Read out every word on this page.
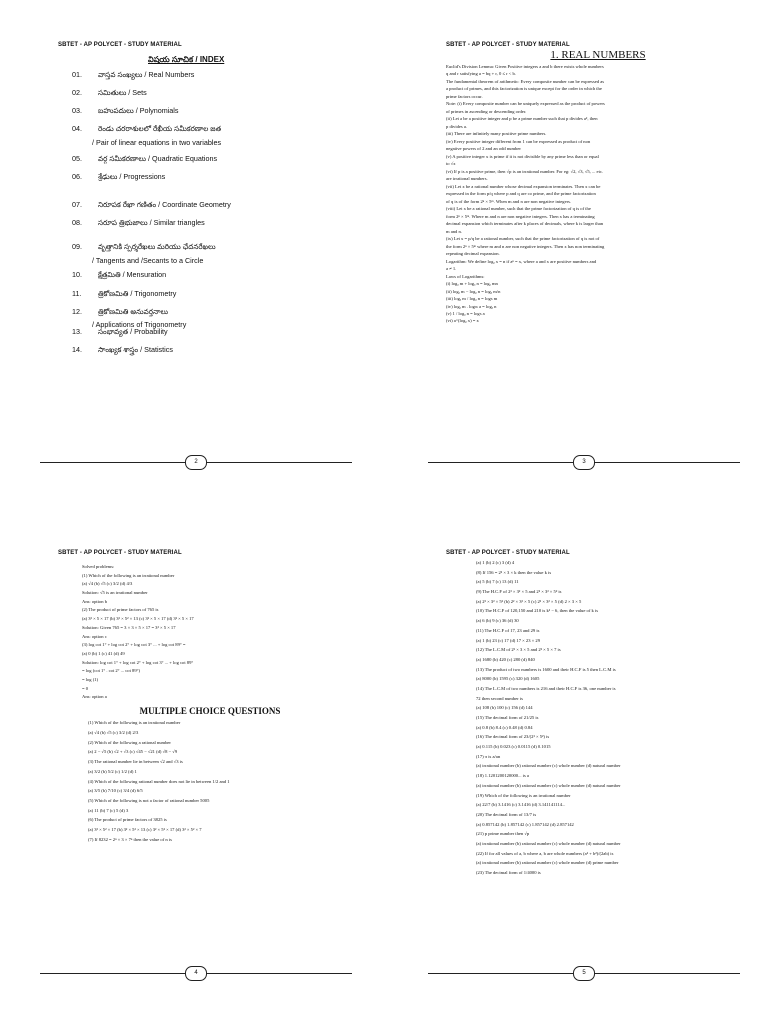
SBTET - AP POLYCET - STUDY MATERIAL
విషయ సూచిక / INDEX
01. వాస్తవ సంఖ్యలు / Real Numbers
02. సమితులు / Sets
03. బహుపదులు / Polynomials
04. రెండు చరరాశులలో రేఖీయ సమీకరణాల జత
05. వర్గ సమీకరణాలు / Quadratic Equations
06. శ్రేఢులు / Progressions
07. నిరూపక రేఖా గణితం / Coordinate Geometry
08. సరూప త్రిభుజాలు / Similar triangles
09. వృత్తానికి స్పర్శరేఖలు మరియు ఛేదనరేఖలు
10. క్షేత్రమితి / Mensuration
11. త్రికోణమితి / Trigonometry
12. త్రికోణమితి అనువర్తనాలు
13. సంభావ్యత / Probability
14. సాంఖ్యక శాస్త్రం / Statistics
/ Pair of linear equations in two variables
/ Tangents and /Secants to a Circle
/ Applications of Trigonometry
2
SBTET - AP POLYCET - STUDY MATERIAL
1. REAL NUMBERS

Euclid's Division Lemma: Given Positive integers a and b there exists whole numbers

q and r satisfying a = bq + r, 0 ≤ r < b.

The fundamental theorem of arithmetic: Every composite number can be expressed as

a product of primes, and this factorization is unique except for the order in which the

prime factors occur.

Note: (i) Every composite number can be uniquely expressed as the product of powers

of primes in ascending or descending order.

(ii) Let a be a positive integer and p be a prime number such that p divides a², then

p divides a.

(iii) There are infinitely many positive prime numbers.

(iv) Every positive integer different from 1 can be expressed as product of non

negative powers of 2 and an odd number

(v) A positive integer x is prime if it is not divisible by any prime less than or equal

to √x

(vi) If p is a positive prime, then √p is an irrational number. For eg: √2, √3, √5, ... etc.

are irrational numbers.

(vii) Let x be a rational number whose decimal expansion terminates. Then x can be

expressed in the form p/q where p and q are co prime, and the prime factorization

of q is of the form 2ⁿ × 5ᵐ. When m and n are non negative integers.

(viii) Let x be a rational number, such that the prime factorization of q is of the

form 2ⁿ × 5ᵐ. Where m and n are non negative integers. Then x has a terminating

decimal expansion which terminates after k places of decimals, where k is larger than

m and n.

(ix) Let x = p/q be a rational number, such that the prime factorization of q is not of

the form 2ⁿ × 5ᵐ where m and n are non negative integers. Then x has non terminating

repeating decimal expansion.

Logarithm: We define logₐ x = n if aⁿ = x, where a and x are positive numbers and

a ≠ 1.

Laws of Logarithms:

(i) logₐ m + logₐ n = logₐ mn

(ii) logₐ m − logₐ n = logₐ m/n

(iii) logₐ m / logₐ n = logₙ m

(iv) logₐ m . logₘ a = logₐ n

(v) 1 / logₐ n = logₙ a

(vi) a^(logₐ x) = x

3
SBTET - AP POLYCET - STUDY MATERIAL

Solved problems:

(1) Which of the following is an irrational number

(a) √4 (b) √5 (c) 3/2 (d) 4/3

Solution: √5 is an irrational number

Ans: option b

(2) The product of prime factors of 765 is

(a) 3² × 5 × 17 (b) 3² × 5² × 13 (c) 3² × 5 × 17 (d) 3² × 5 × 17

Solution: Given 765 = 3 × 3 × 5 × 17 = 3² × 5 × 17

Ans: option c

(3) log cot 1° + log cot 2° + log cot 3° ... + log cot 89° =

(a) 0 (b) 1 (c) 41 (d) 49

Solution: log cot 1° + log cot 2° + log cot 3° ... + log cot 89°

= log (cot 1° . cot 2° ... cot 89°)

= log (1)

= 0

Ans: option a

MULTIPLE CHOICE QUESTIONS

(1) Which of the following is an irrational number

(a) √4 (b) √5 (c) 3/2 (d) 2/3

(2) Which of the following a rational number

(a) 2 − √5 (b) √2 + √3 (c) √45 − √21 (d) √8 − √9

(3) The rational number lie in between √2 and √3 is

(a) 3/2 (b) 5/2 (c) 1/2 (d) 1

(4) Which of the following rational number does not lie in between 1/2 and 1

(a) 3/5 (b) 7/10 (c) 3/4 (d) 6/5

(5) Which of the following is not a factor of rational number 5005

(a) 11 (b) 7 (c) 5 (d) 3

(6) The product of prime factors of 3825 is

(a) 3² × 5² × 17 (b) 3² × 5² × 13 (c) 3² × 5² × 17 (d) 3² × 5² × 7

(7) If 8232 = 2ⁿ × 3 × 7ⁿ then the value of n is

4
SBTET - AP POLYCET - STUDY MATERIAL

(a) 1 (b) 2 (c) 3 (d) 4

(8) If 156 = 2² × 3 × k then the value k is

(a) 5 (b) 7 (c) 13 (d) 11

(9) The H.C.F of 2³ × 3² × 5 and 2² × 3³ × 5² is

(a) 2³ × 3³ × 5² (b) 2² × 3² × 5 (c) 2³ × 3² × 5 (d) 2 × 3 × 5

(10) The H.C.F of 120,150 and 210 is k² − 6, then the value of k is

(a) 6 (b) 9 (c) 36 (d) 30

(11) The H.C.F of 17, 23 and 29 is

(a) 1 (b) 23 (c) 17 (d) 17 × 23 × 29

(12) The L.C.M of 2³ × 3 × 5 and 2² × 5 × 7 is

(a) 1680 (b) 420 (c) 280 (d) 840

(13) The product of two numbers is 1600 and their H.C.F is 5 then L.C.M is

(a) 8000 (b) 1595 (c) 320 (d) 1605

(14) The L.C.M of two numbers is 216 and their H.C.F is 36, one number is

72 then second number is

(a) 108 (b) 100 (c) 156 (d) 144

(15) The decimal form of 21/25 is

(a) 0.8 (b) 8.4 (c) 0.48 (d) 0.84

(16) The decimal form of 23/(2³ × 5²) is

(a) 0.115 (b) 0.023 (c) 0.0115 (d) 0.1015

(17) π is a/an

(a) irrational number (b) rational number (c) whole number (d) natural number

(18) 1.1201200120000... is a

(a) irrational number (b) rational number (c) whole number (d) natural number

(19) Which of the following is an irrational number

(a) 22/7 (b) 3.1416 (c) 3.1416 (d) 3.141141114...

(20) The decimal form of 13/7 is

(a) 0.857142 (b) 1.857142 (c) 1.857142 (d) 2.857142

(21) p prime number then √p

(a) irrational number (b) rational number (c) whole number (d) natural number

(22) If for all values of a, b where a, b are whole numbers (a² + b²)/(2ab) is

(a) irrational number (b) rational number (c) whole number (d) prime number

(23) The decimal form of 1/4000 is

5
